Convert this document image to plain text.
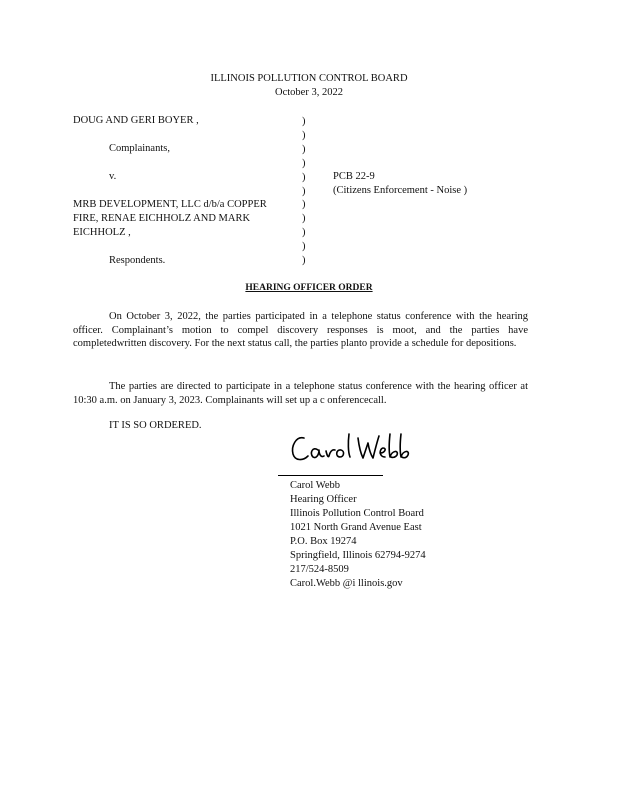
ILLINOIS POLLUTION CONTROL BOARD
October 3, 2022
DOUG AND GERI BOYER ,
Complainants,
v.
MRB DEVELOPMENT, LLC d/b/a COPPER
FIRE, RENAE EICHHOLZ AND MARK
EICHHOLZ ,
Respondents.
)
)
)
)
)
)
)
)
)
)
)
PCB 22-9
(Citizens Enforcement - Noise )
HEARING OFFICER ORDER

On October 3, 2022, the parties participated in a telephone status conference with the hearing officer. Complainant’s motion to compel discovery responses is moot, and the parties have completedwritten discovery. For the next status call, the parties planto provide a schedule for depositions.

The parties are directed to participate in a telephone status conference with the hearing officer at 10:30 a.m. on January 3, 2023. Complainants will set up a c onferencecall.

IT IS SO ORDERED.
Carol Webb
Hearing Officer
Illinois Pollution Control Board
1021 North Grand Avenue East
P.O. Box 19274
Springfield, Illinois 62794-9274
217/524-8509
Carol.Webb @i llinois.gov
